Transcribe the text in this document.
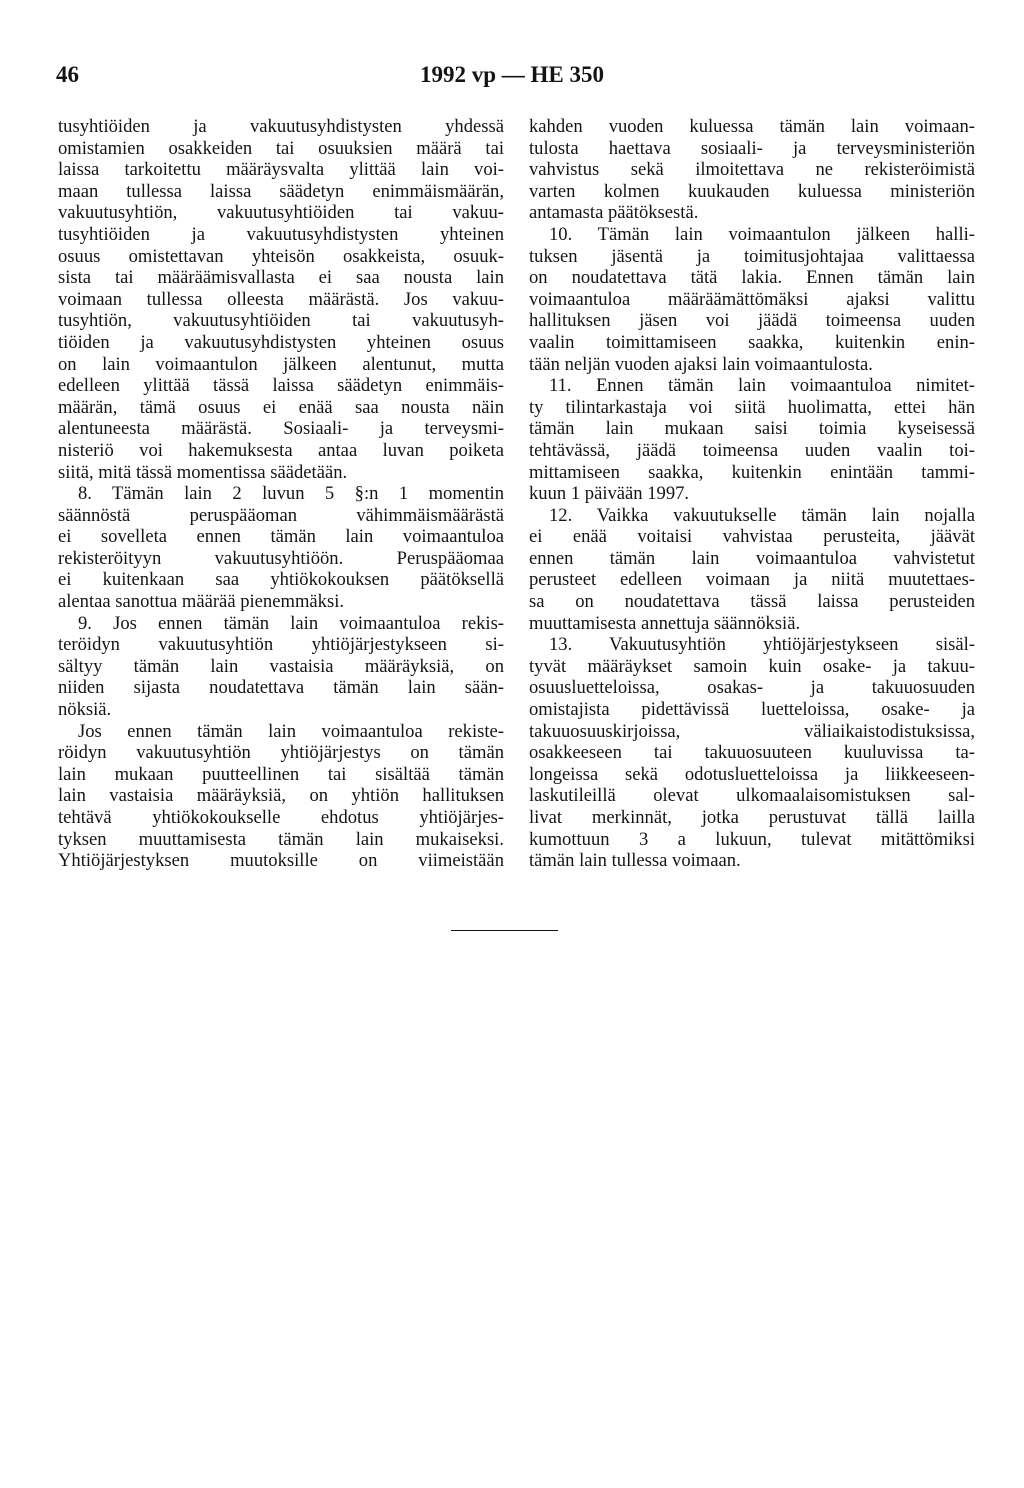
46	1992 vp — HE 350
tusyhtiöiden ja vakuutusyhdistysten yhdessä
omistamien osakkeiden tai osuuksien määrä tai
laissa tarkoitettu määräysvalta ylittää lain voi-
maan tullessa laissa säädetyn enimmäismäärän,
vakuutusyhtiön, vakuutusyhtiöiden tai vakuu-
tusyhtiöiden ja vakuutusyhdistysten yhteinen
osuus omistettavan yhteisön osakkeista, osuuk-
sista tai määräämisvallasta ei saa nousta lain
voimaan tullessa olleesta määrästä. Jos vakuu-
tusyhtiön, vakuutusyhtiöiden tai vakuutusyh-
tiöiden ja vakuutusyhdistysten yhteinen osuus
on lain voimaantulon jälkeen alentunut, mutta
edelleen ylittää tässä laissa säädetyn enimmäis-
määrän, tämä osuus ei enää saa nousta näin
alentuneesta määrästä. Sosiaali- ja terveysmi-
nisteriö voi hakemuksesta antaa luvan poiketa
siitä, mitä tässä momentissa säädetään.
8. Tämän lain 2 luvun 5 §:n 1 momentin
säännöstä peruspääoman vähimmäismäärästä
ei sovelleta ennen tämän lain voimaantuloa
rekisteröityyn vakuutusyhtiöön. Peruspääomaa
ei kuitenkaan saa yhtiökokouksen päätöksellä
alentaa sanottua määrää pienemmäksi.
9. Jos ennen tämän lain voimaantuloa rekis-
teröidyn vakuutusyhtiön yhtiöjärjestykseen si-
sältyy tämän lain vastaisia määräyksiä, on
niiden sijasta noudatettava tämän lain sään-
nöksiä.
Jos ennen tämän lain voimaantuloa rekiste-
röidyn vakuutusyhtiön yhtiöjärjestys on tämän
lain mukaan puutteellinen tai sisältää tämän
lain vastaisia määräyksiä, on yhtiön hallituksen
tehtävä yhtiökokoukselle ehdotus yhtiöjärjes-
tyksen muuttamisesta tämän lain mukaiseksi.
Yhtiöjärjestyksen muutoksille on viimeistään
kahden vuoden kuluessa tämän lain voimaan-
tulosta haettava sosiaali- ja terveysministeriön
vahvistus sekä ilmoitettava ne rekisteröimistä
varten kolmen kuukauden kuluessa ministeriön
antamasta päätöksestä.
10. Tämän lain voimaantulon jälkeen halli-
tuksen jäsentä ja toimitusjohtajaa valittaessa
on noudatettava tätä lakia. Ennen tämän lain
voimaantuloa määräämättömäksi ajaksi valittu
hallituksen jäsen voi jäädä toimeensa uuden
vaalin toimittamiseen saakka, kuitenkin enin-
tään neljän vuoden ajaksi lain voimaantulosta.
11. Ennen tämän lain voimaantuloa nimitet-
ty tilintarkastaja voi siitä huolimatta, ettei hän
tämän lain mukaan saisi toimia kyseisessä
tehtävässä, jäädä toimeensa uuden vaalin toi-
mittamiseen saakka, kuitenkin enintään tammi-
kuun 1 päivään 1997.
12. Vaikka vakuutukselle tämän lain nojalla
ei enää voitaisi vahvistaa perusteita, jäävät
ennen tämän lain voimaantuloa vahvistetut
perusteet edelleen voimaan ja niitä muutettaes-
sa on noudatettava tässä laissa perusteiden
muuttamisesta annettuja säännöksiä.
13. Vakuutusyhtiön yhtiöjärjestykseen sisäl-
tyvät määräykset samoin kuin osake- ja takuu-
osuusluetteloissa, osakas- ja takuuosuuden
omistajista pidettävissä luetteloissa, osake- ja
takuuosuuskirjoissa, väliaikaistodistuksissa,
osakkeeseen tai takuuosuuteen kuuluvissa ta-
longeissa sekä odotusluetteloissa ja liikkeeseen-
laskutileillä olevat ulkomaalaisomistuksen sal-
livat merkinnät, jotka perustuvat tällä lailla
kumottuun 3 a lukuun, tulevat mitättömiksi
tämän lain tullessa voimaan.
